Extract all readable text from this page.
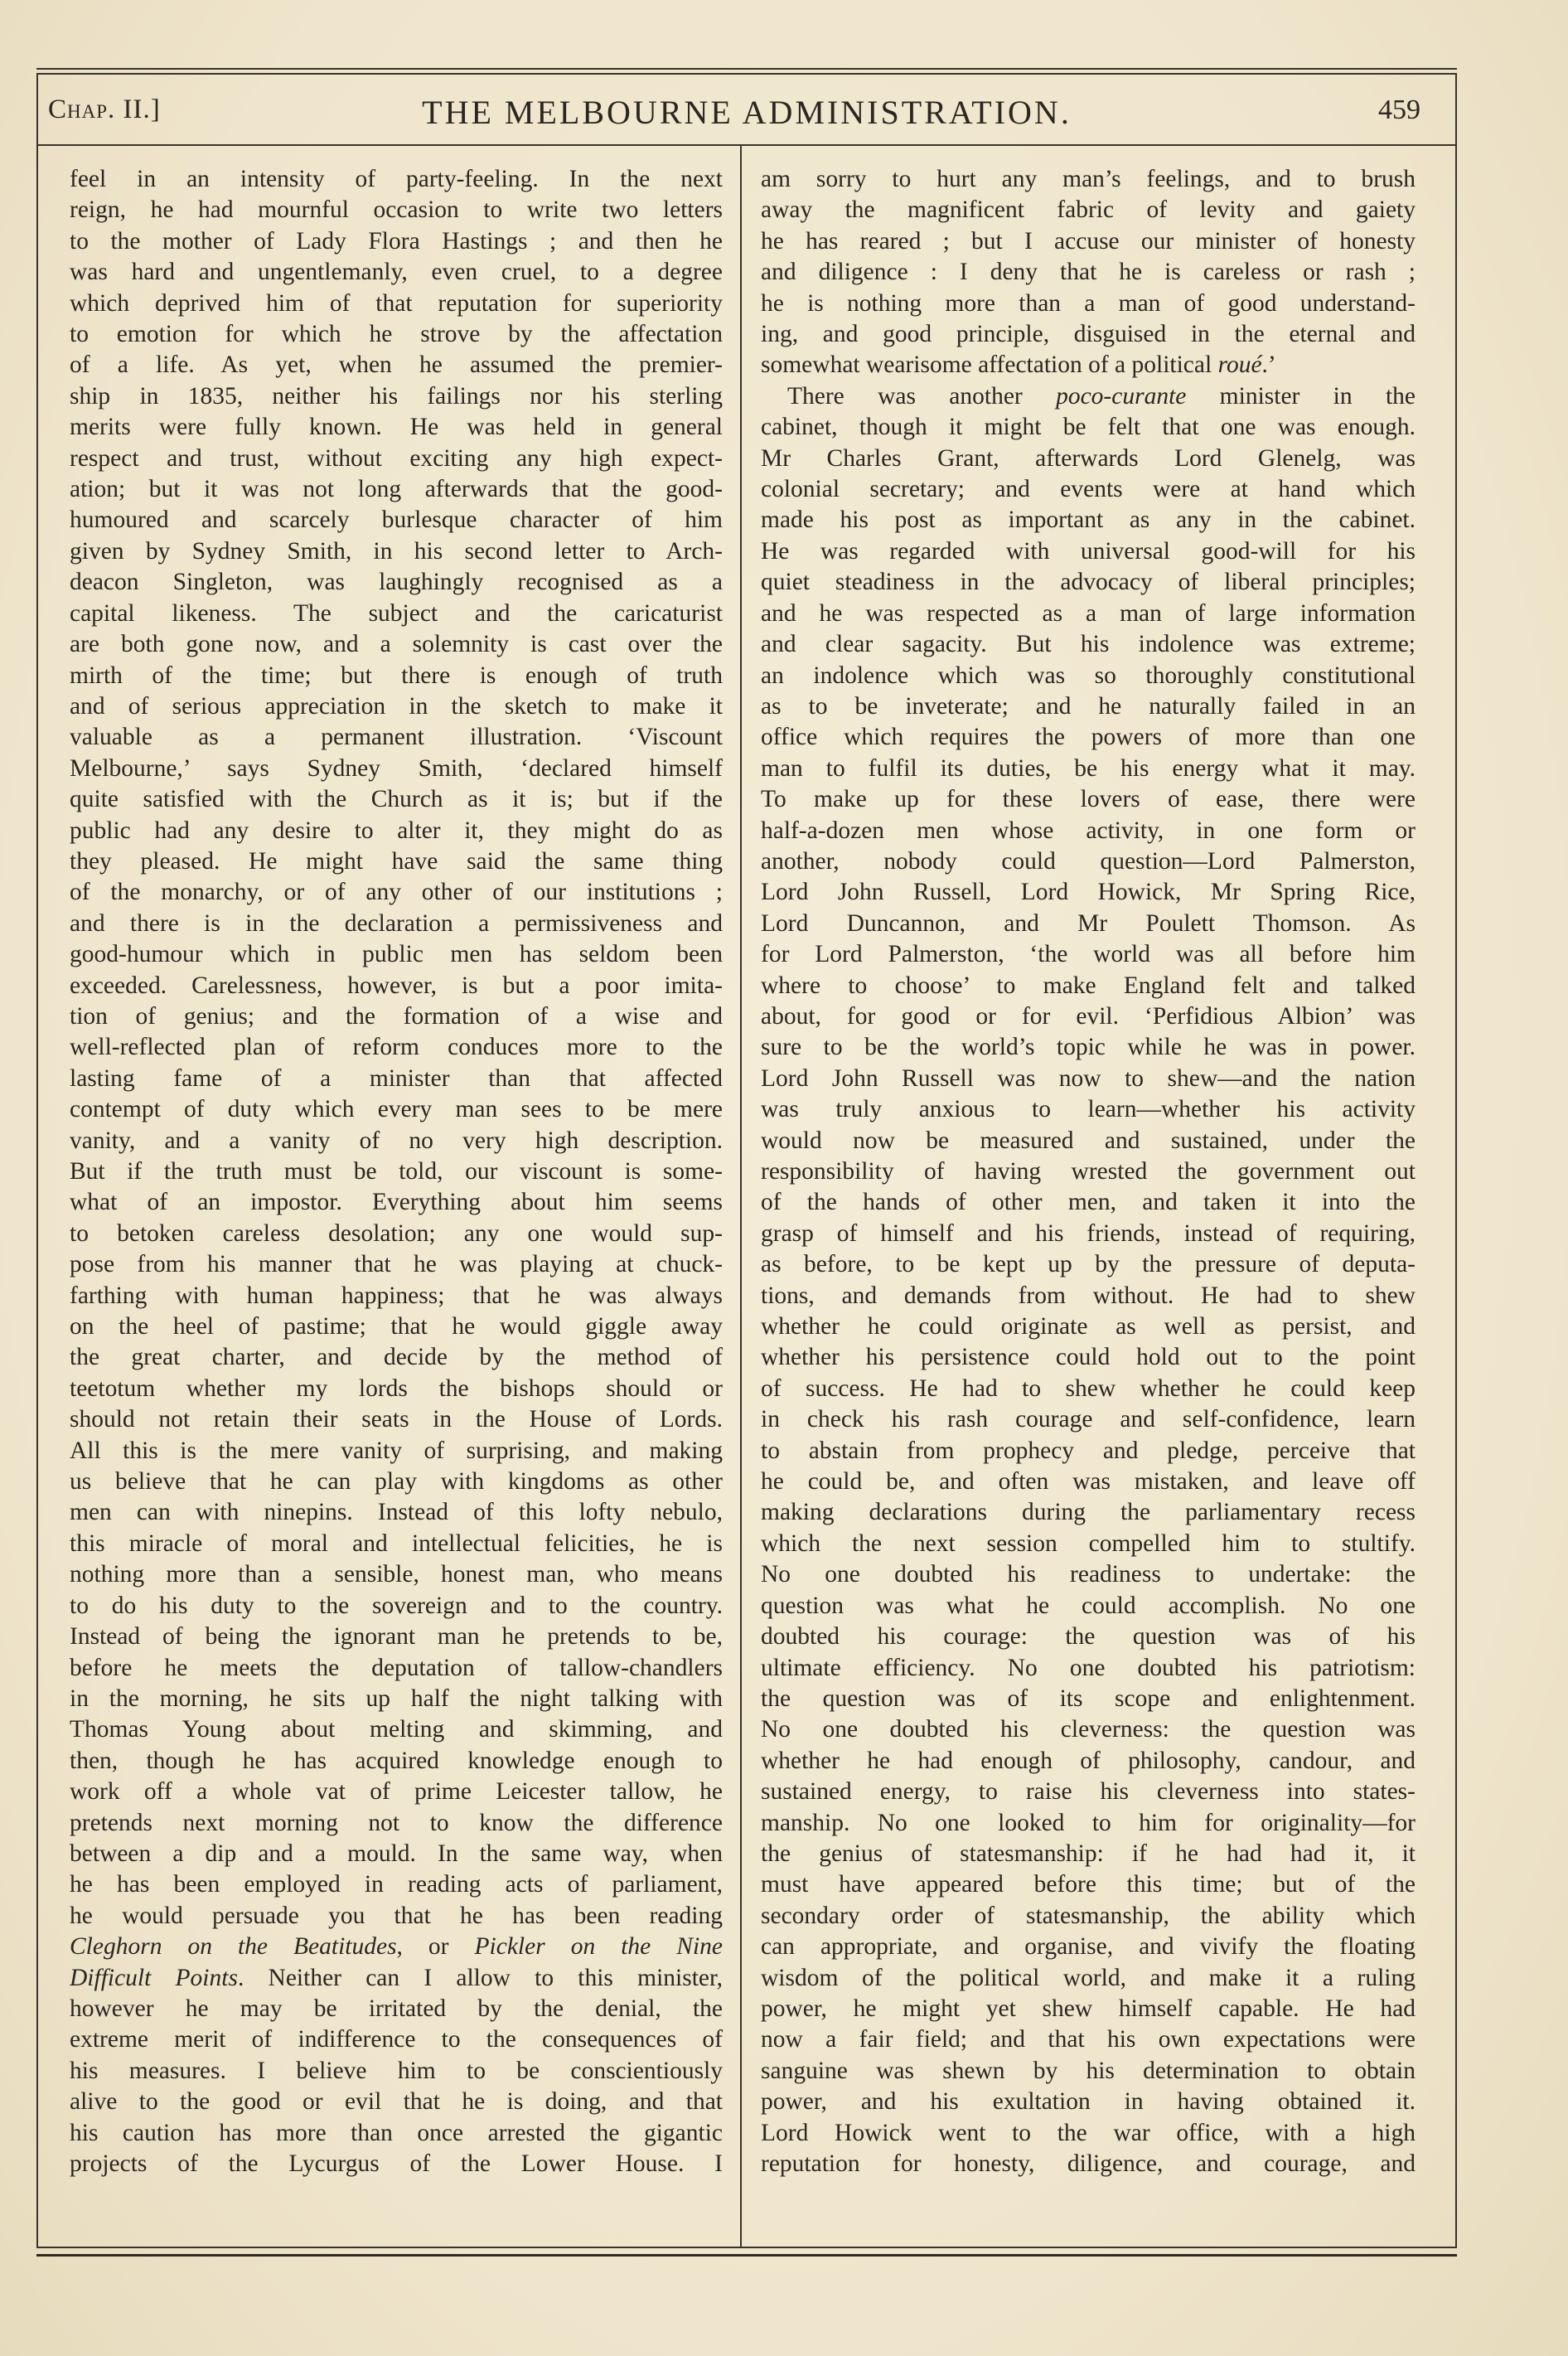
Chap. II.]	THE MELBOURNE ADMINISTRATION.	459
feel in an intensity of party-feeling. In the next
reign, he had mournful occasion to write two letters
to the mother of Lady Flora Hastings ; and then he
was hard and ungentlemanly, even cruel, to a degree
which deprived him of that reputation for superiority
to emotion for which he strove by the affectation
of a life. As yet, when he assumed the premier-
ship in 1835, neither his failings nor his sterling
merits were fully known. He was held in general
respect and trust, without exciting any high expect-
ation; but it was not long afterwards that the good-
humoured and scarcely burlesque character of him
given by Sydney Smith, in his second letter to Arch-
deacon Singleton, was laughingly recognised as a
capital likeness. The subject and the caricaturist
are both gone now, and a solemnity is cast over the
mirth of the time; but there is enough of truth
and of serious appreciation in the sketch to make it
valuable as a permanent illustration. ‘Viscount
Melbourne,’ says Sydney Smith, ‘declared himself
quite satisfied with the Church as it is; but if the
public had any desire to alter it, they might do as
they pleased. He might have said the same thing
of the monarchy, or of any other of our institutions ;
and there is in the declaration a permissiveness and
good-humour which in public men has seldom been
exceeded. Carelessness, however, is but a poor imita-
tion of genius; and the formation of a wise and
well-reflected plan of reform conduces more to the
lasting fame of a minister than that affected
contempt of duty which every man sees to be mere
vanity, and a vanity of no very high description.
But if the truth must be told, our viscount is some-
what of an impostor. Everything about him seems
to betoken careless desolation; any one would sup-
pose from his manner that he was playing at chuck-
farthing with human happiness; that he was always
on the heel of pastime; that he would giggle away
the great charter, and decide by the method of
teetotum whether my lords the bishops should or
should not retain their seats in the House of Lords.
All this is the mere vanity of surprising, and making
us believe that he can play with kingdoms as other
men can with ninepins. Instead of this lofty nebulo,
this miracle of moral and intellectual felicities, he is
nothing more than a sensible, honest man, who means
to do his duty to the sovereign and to the country.
Instead of being the ignorant man he pretends to be,
before he meets the deputation of tallow-chandlers
in the morning, he sits up half the night talking with
Thomas Young about melting and skimming, and
then, though he has acquired knowledge enough to
work off a whole vat of prime Leicester tallow, he
pretends next morning not to know the difference
between a dip and a mould. In the same way, when
he has been employed in reading acts of parliament,
he would persuade you that he has been reading
Cleghorn on the Beatitudes, or Pickler on the Nine
Difficult Points. Neither can I allow to this minister,
however he may be irritated by the denial, the
extreme merit of indifference to the consequences of
his measures. I believe him to be conscientiously
alive to the good or evil that he is doing, and that
his caution has more than once arrested the gigantic
projects of the Lycurgus of the Lower House. I
am sorry to hurt any man’s feelings, and to brush
away the magnificent fabric of levity and gaiety
he has reared ; but I accuse our minister of honesty
and diligence : I deny that he is careless or rash ;
he is nothing more than a man of good understand-
ing, and good principle, disguised in the eternal and
somewhat wearisome affectation of a political roué.’
There was another poco-curante minister in the
cabinet, though it might be felt that one was enough.
Mr Charles Grant, afterwards Lord Glenelg, was
colonial secretary; and events were at hand which
made his post as important as any in the cabinet.
He was regarded with universal good-will for his
quiet steadiness in the advocacy of liberal principles;
and he was respected as a man of large information
and clear sagacity. But his indolence was extreme;
an indolence which was so thoroughly constitutional
as to be inveterate; and he naturally failed in an
office which requires the powers of more than one
man to fulfil its duties, be his energy what it may.
To make up for these lovers of ease, there were
half-a-dozen men whose activity, in one form or
another, nobody could question—Lord Palmerston,
Lord John Russell, Lord Howick, Mr Spring Rice,
Lord Duncannon, and Mr Poulett Thomson. As
for Lord Palmerston, ‘the world was all before him
where to choose’ to make England felt and talked
about, for good or for evil. ‘Perfidious Albion’ was
sure to be the world’s topic while he was in power.
Lord John Russell was now to shew—and the nation
was truly anxious to learn—whether his activity
would now be measured and sustained, under the
responsibility of having wrested the government out
of the hands of other men, and taken it into the
grasp of himself and his friends, instead of requiring,
as before, to be kept up by the pressure of deputa-
tions, and demands from without. He had to shew
whether he could originate as well as persist, and
whether his persistence could hold out to the point
of success. He had to shew whether he could keep
in check his rash courage and self-confidence, learn
to abstain from prophecy and pledge, perceive that
he could be, and often was mistaken, and leave off
making declarations during the parliamentary recess
which the next session compelled him to stultify.
No one doubted his readiness to undertake: the
question was what he could accomplish. No one
doubted his courage: the question was of his
ultimate efficiency. No one doubted his patriotism:
the question was of its scope and enlightenment.
No one doubted his cleverness: the question was
whether he had enough of philosophy, candour, and
sustained energy, to raise his cleverness into states-
manship. No one looked to him for originality—for
the genius of statesmanship: if he had had it, it
must have appeared before this time; but of the
secondary order of statesmanship, the ability which
can appropriate, and organise, and vivify the floating
wisdom of the political world, and make it a ruling
power, he might yet shew himself capable. He had
now a fair field; and that his own expectations were
sanguine was shewn by his determination to obtain
power, and his exultation in having obtained it.
Lord Howick went to the war office, with a high
reputation for honesty, diligence, and courage, and
